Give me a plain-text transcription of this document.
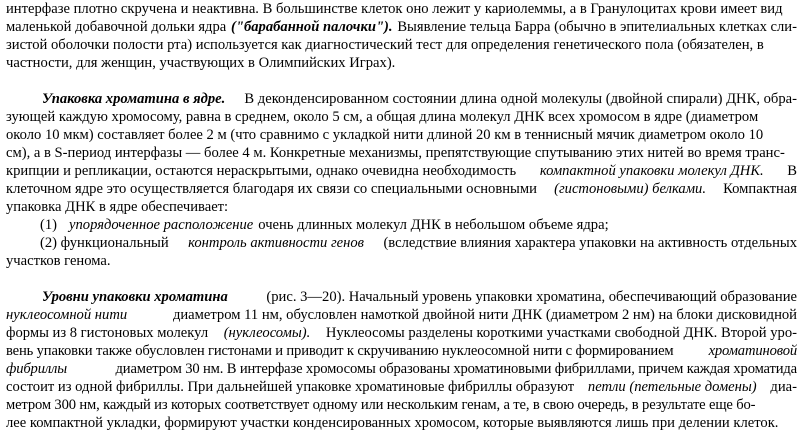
интерфазе плотно скручена и неактивна. В большинстве клеток оно лежит у кариолеммы, а в Гранулоцитах крови имеет вид
маленькой добавочной дольки ядра ("барабанной палочки"). Выявление тельца Барра (обычно в эпителиальных клетках сли-
зистой оболочки полости рта) используется как диагностический тест для определения генетического пола (обязателен, в
частности, для женщин, участвующих в Олимпийских Играх).
Упаковка хроматина в ядре. В деконденсированном состоянии длина одной молекулы (двойной спирали) ДНК, обра-
зующей каждую хромосому, равна в среднем, около 5 см, а общая длина молекул ДНК всех хромосом в ядре (диаметром
около 10 мкм) составляет более 2 м (что сравнимо с укладкой нити длиной 20 км в теннисный мячик диаметром около 10
см), а в S-период интерфазы — более 4 м. Конкретные механизмы, препятствующие спутыванию этих нитей во время транс-
крипции и репликации, остаются нераскрытыми, однако очевидна необходимость компактной упаковки молекул ДНК. В
клеточном ядре это осуществляется благодаря их связи со специальными основными (гистоновыми) белками. Компактная
упаковка ДНК в ядре обеспечивает:
(1) упорядоченное расположение очень длинных молекул ДНК в небольшом объеме ядра;
(2) функциональный контроль активности генов (вследствие влияния характера упаковки на активность отдельных
участков генома.
Уровни упаковки хроматина	(рис. 3—20). Начальный уровень упаковки хроматина, обеспечивающий образование
нуклеосомной нити	диаметром 11 нм, обусловлен намоткой двойной нити ДНК (диаметром 2 нм) на блоки дисковидной
формы из 8 гистоновых молекул (нуклеосомы). Нуклеосомы разделены короткими участками свободной ДНК. Второй уро-
вень упаковки также обусловлен гистонами и приводит к скручиванию нуклеосомной нити с формированием хроматиновой
фибриллы	диаметром 30 нм. В интерфазе хромосомы образованы хроматиновыми фибриллами, причем каждая хроматида
состоит из одной фибриллы. При дальнейшей упаковке хроматиновые фибриллы образуют петли (петельные домены) диа-
метром 300 нм, каждый из которых соответствует одному или нескольким генам, а те, в свою очередь, в результате еще бо-
лее компактной укладки, формируют участки конденсированных хромосом, которые выявляются лишь при делении клеток.
